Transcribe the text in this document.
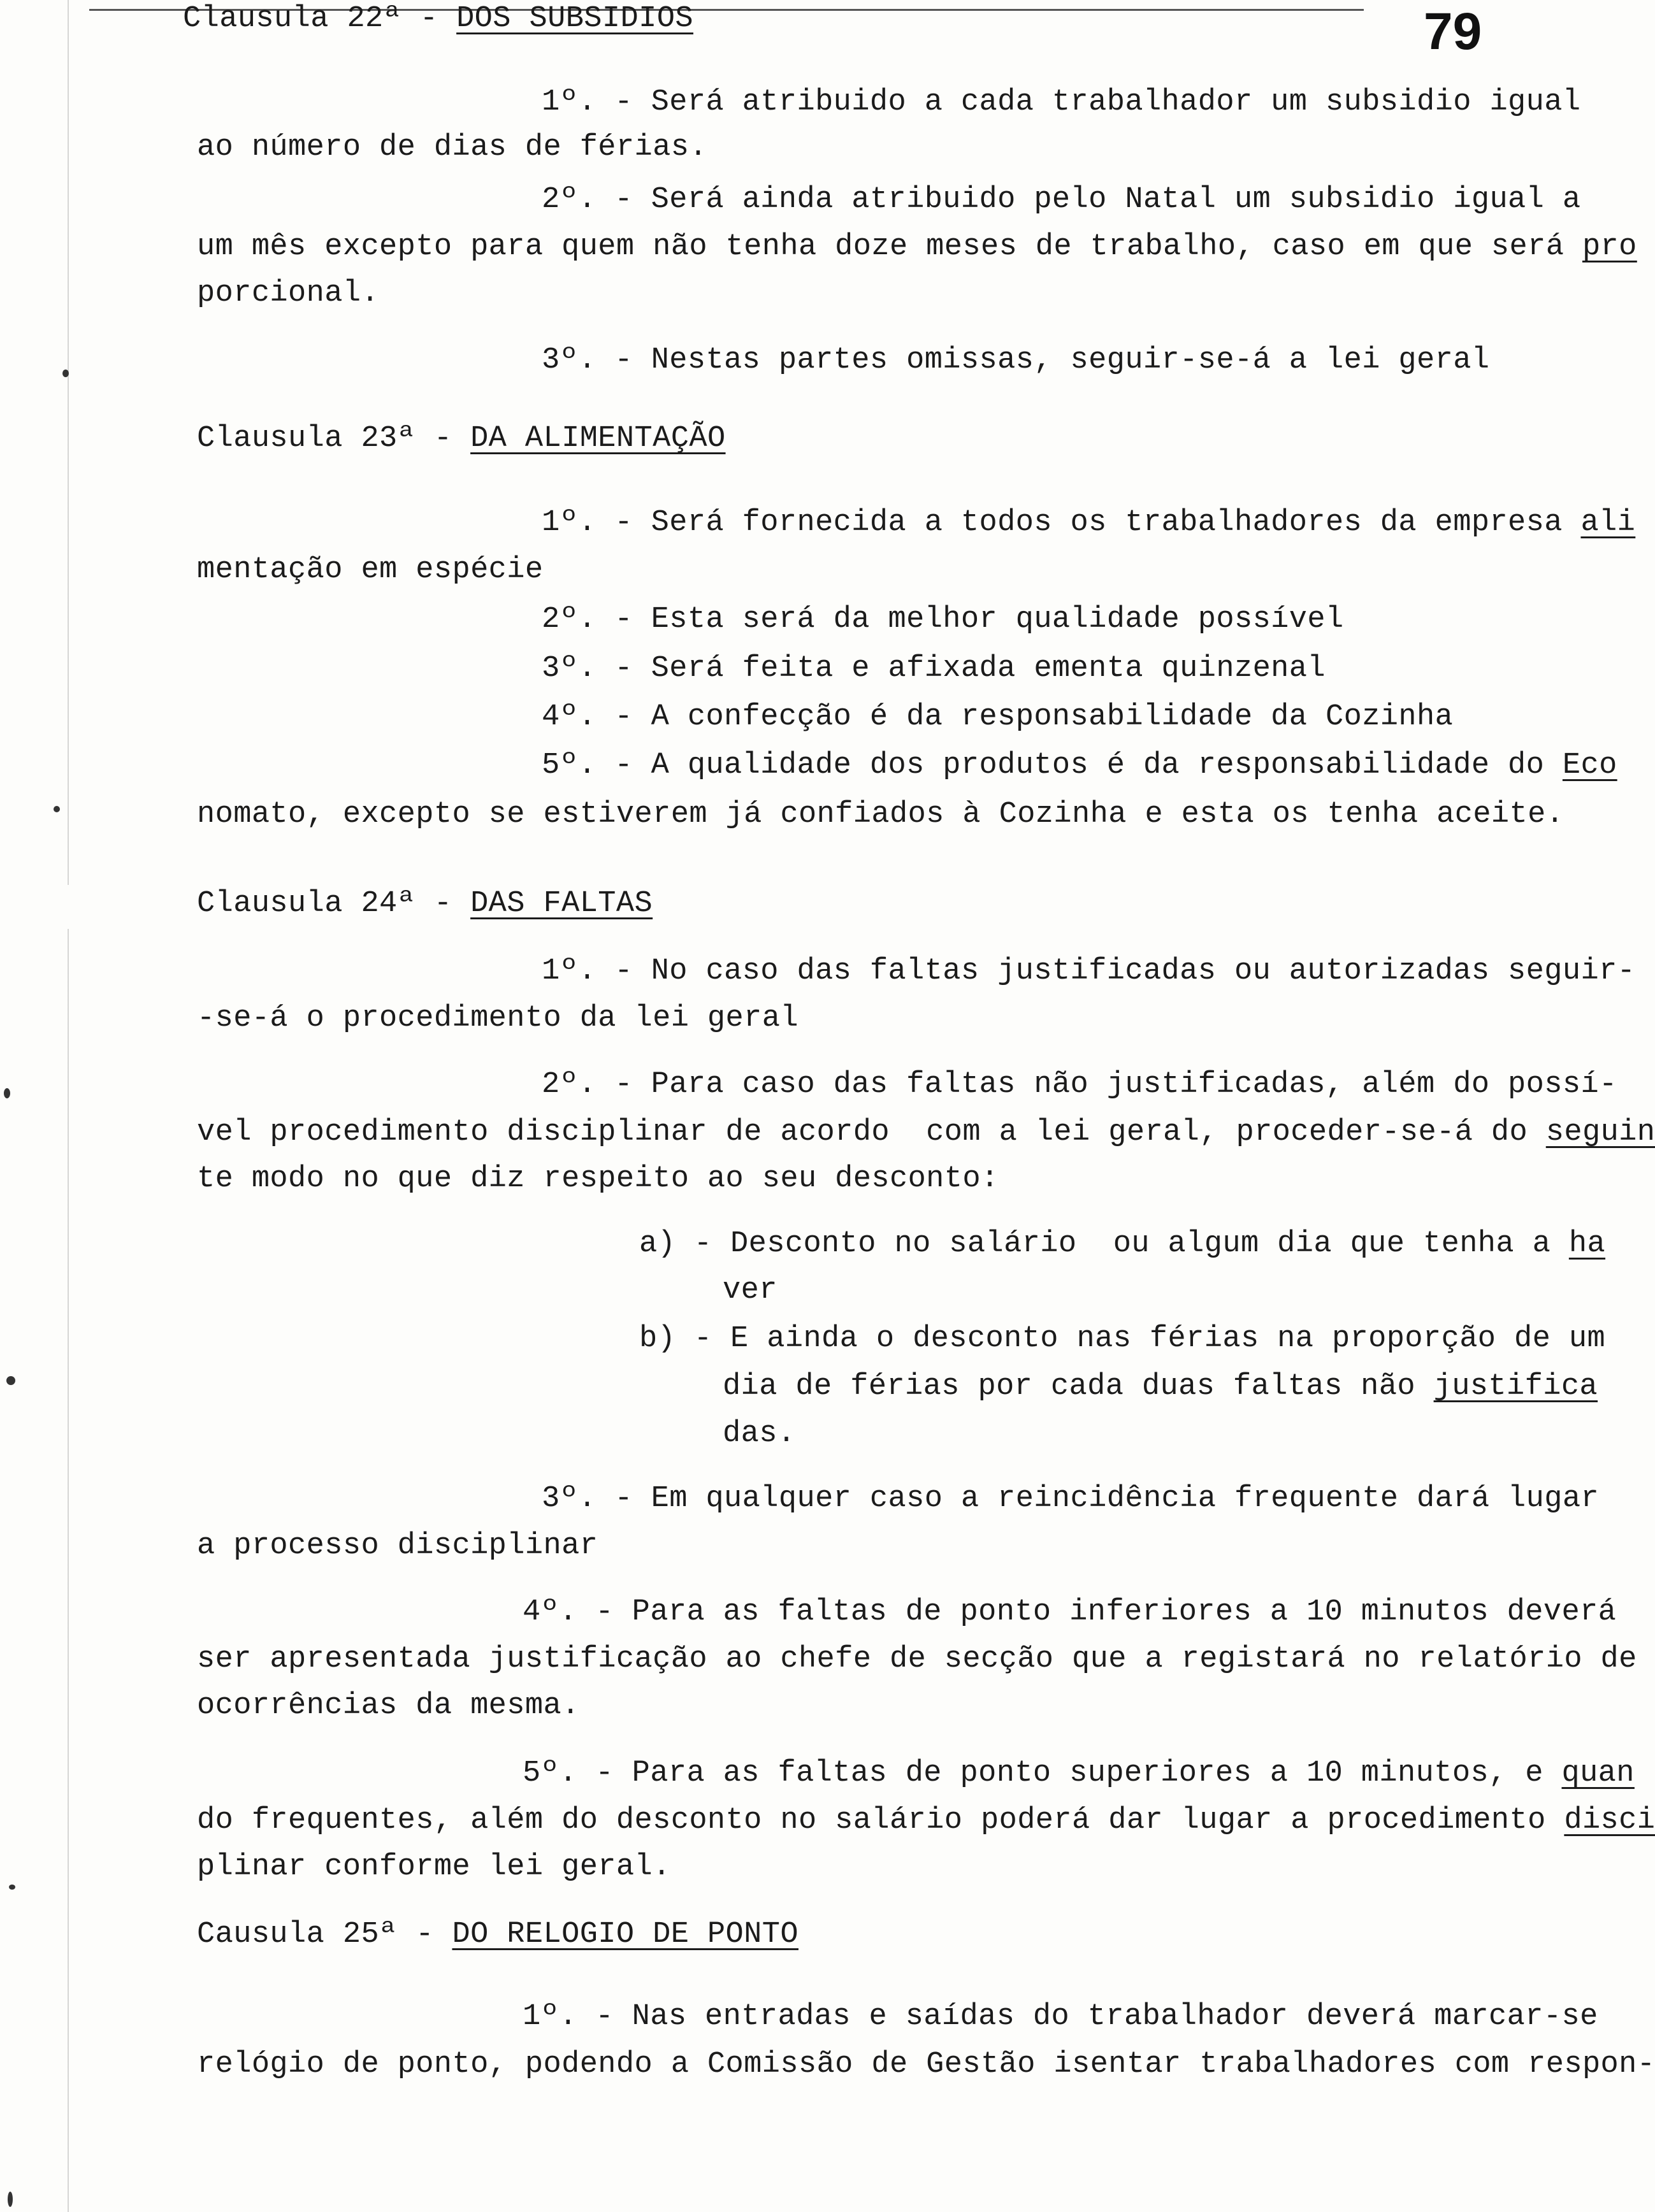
79
Clausula 22ª - DOS SUBSIDIOS
1º. - Será atribuido a cada trabalhador um subsidio igual
ao número de dias de férias.
2º. - Será ainda atribuido pelo Natal um subsidio igual a
um mês excepto para quem não tenha doze meses de trabalho, caso em que será pro
porcional.
3º. - Nestas partes omissas, seguir-se-á a lei geral
Clausula 23ª - DA ALIMENTAÇÃO
1º. - Será fornecida a todos os trabalhadores da empresa ali
mentação em espécie
2º. - Esta será da melhor qualidade possível
3º. - Será feita e afixada ementa quinzenal
4º. - A confecção é da responsabilidade da Cozinha
5º. - A qualidade dos produtos é da responsabilidade do Eco
nomato, excepto se estiverem já confiados à Cozinha e esta os tenha aceite.
Clausula 24ª - DAS FALTAS
1º. - No caso das faltas justificadas ou autorizadas seguir-
-se-á o procedimento da lei geral
2º. - Para caso das faltas não justificadas, além do possí-
vel procedimento disciplinar de acordo  com a lei geral, proceder-se-á do seguin
te modo no que diz respeito ao seu desconto:
a) - Desconto no salário  ou algum dia que tenha a ha
ver
b) - E ainda o desconto nas férias na proporção de um
dia de férias por cada duas faltas não justifica
das.
3º. - Em qualquer caso a reincidência frequente dará lugar
a processo disciplinar
4º. - Para as faltas de ponto inferiores a 10 minutos deverá
ser apresentada justificação ao chefe de secção que a registará no relatório de
ocorrências da mesma.
5º. - Para as faltas de ponto superiores a 10 minutos, e quan
do frequentes, além do desconto no salário poderá dar lugar a procedimento disci
plinar conforme lei geral.
Causula 25ª - DO RELOGIO DE PONTO
1º. - Nas entradas e saídas do trabalhador deverá marcar-se
relógio de ponto, podendo a Comissão de Gestão isentar trabalhadores com respon-
